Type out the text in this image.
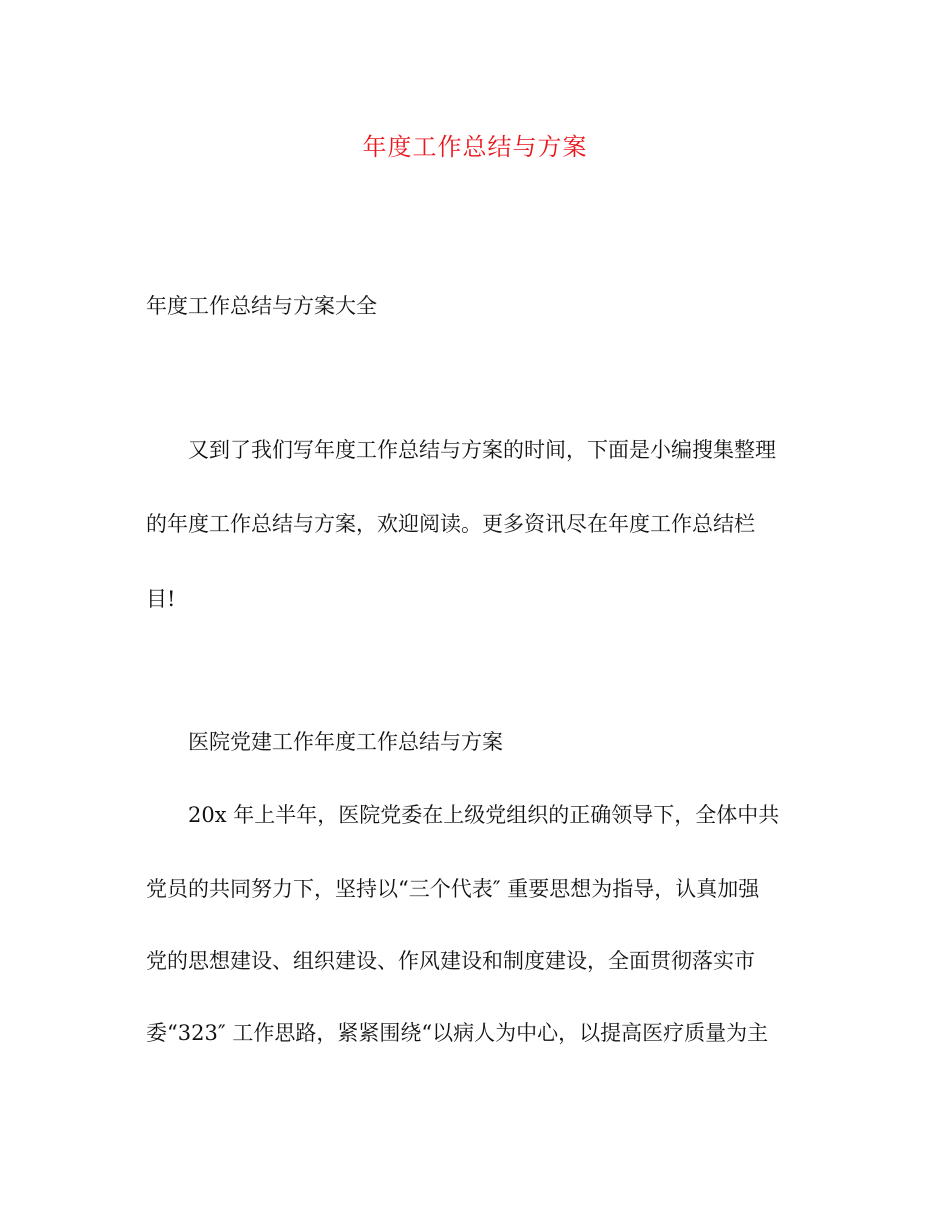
年度工作总结与方案
年度工作总结与方案大全
又到了我们写年度工作总结与方案的时间，下面是小编搜集整理
的年度工作总结与方案，欢迎阅读。更多资讯尽在年度工作总结栏
目!
医院党建工作年度工作总结与方案
20x 年上半年，医院党委在上级党组织的正确领导下，全体中共
党员的共同努力下，坚持以“三个代表″ 重要思想为指导，认真加强
党的思想建设、组织建设、作风建设和制度建设，全面贯彻落实市
委“323″ 工作思路，紧紧围绕“以病人为中心，以提高医疗质量为主
